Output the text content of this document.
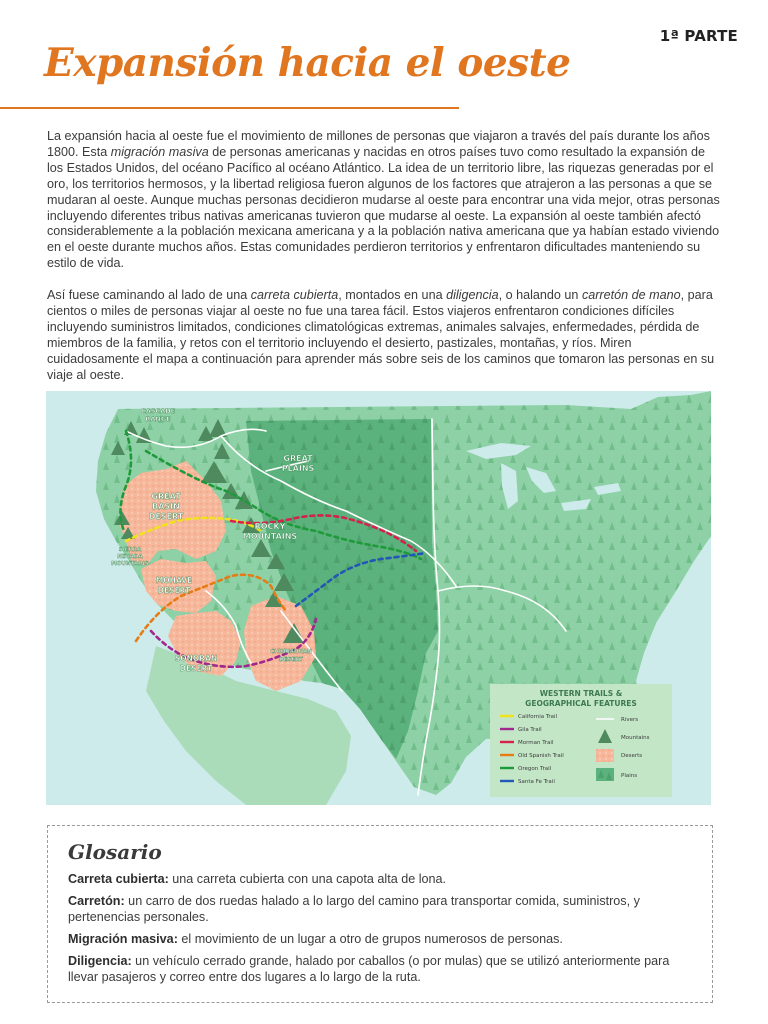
1ª PARTE
Expansión hacia el oeste

La expansión hacia al oeste fue el movimiento de millones de personas que viajaron a través del país durante los años 1800. Esta migración masiva de personas americanas y nacidas en otros países tuvo como resultado la expansión de los Estados Unidos, del océano Pacífico al océano Atlántico. La idea de un territorio libre, las riquezas generadas por el oro, los territorios hermosos, y la libertad religiosa fueron algunos de los factores que atrajeron a las personas a que se mudaran al oeste. Aunque muchas personas decidieron mudarse al oeste para encontrar una vida mejor, otras personas incluyendo diferentes tribus nativas americanas tuvieron que mudarse al oeste. La expansión al oeste también afectó considerablemente a la población mexicana americana y a la población nativa americana que ya habían estado viviendo en el oeste durante muchos años. Estas comunidades perdieron territorios y enfrentaron dificultades manteniendo su estilo de vida.

Así fuese caminando al lado de una carreta cubierta, montados en una diligencia, o halando un carretón de mano, para cientos o miles de personas viajar al oeste no fue una tarea fácil. Estos viajeros enfrentaron condiciones difíciles incluyendo suministros limitados, condiciones climatológicas extremas, animales salvajes, enfermedades, pérdida de miembros de la familia, y retos con el territorio incluyendo el desierto, pastizales, montañas, y ríos. Miren cuidadosamente el mapa a continuación para aprender más sobre seis de los caminos que tomaron las personas en su viaje al oeste.

CASCADE
RANGE
GREAT
PLAINS
GREAT
BASIN
DESERT
ROCKY
MOUNTAINS
SIERRA
NEVADA
MOUNTAINS
MOHAVE
DESERT
SONORAN
DESERT
CHIHUAHUAN
DESERT
WESTERN TRAILS &
GEOGRAPHICAL FEATURES
California Trail
Gila Trail
Morman Trail
Old Spanish Trail
Oregon Trail
Santa Fe Trail
Rivers
Mountains
Deserts
Plains
Glosario

Carreta cubierta: una carreta cubierta con una capota alta de lona.

Carretón: un carro de dos ruedas halado a lo largo del camino para transportar comida, suministros, y pertenencias personales.

Migración masiva: el movimiento de un lugar a otro de grupos numerosos de personas.

Diligencia: un vehículo cerrado grande, halado por caballos (o por mulas) que se utilizó anteriormente para llevar pasajeros y correo entre dos lugares a lo largo de la ruta.
